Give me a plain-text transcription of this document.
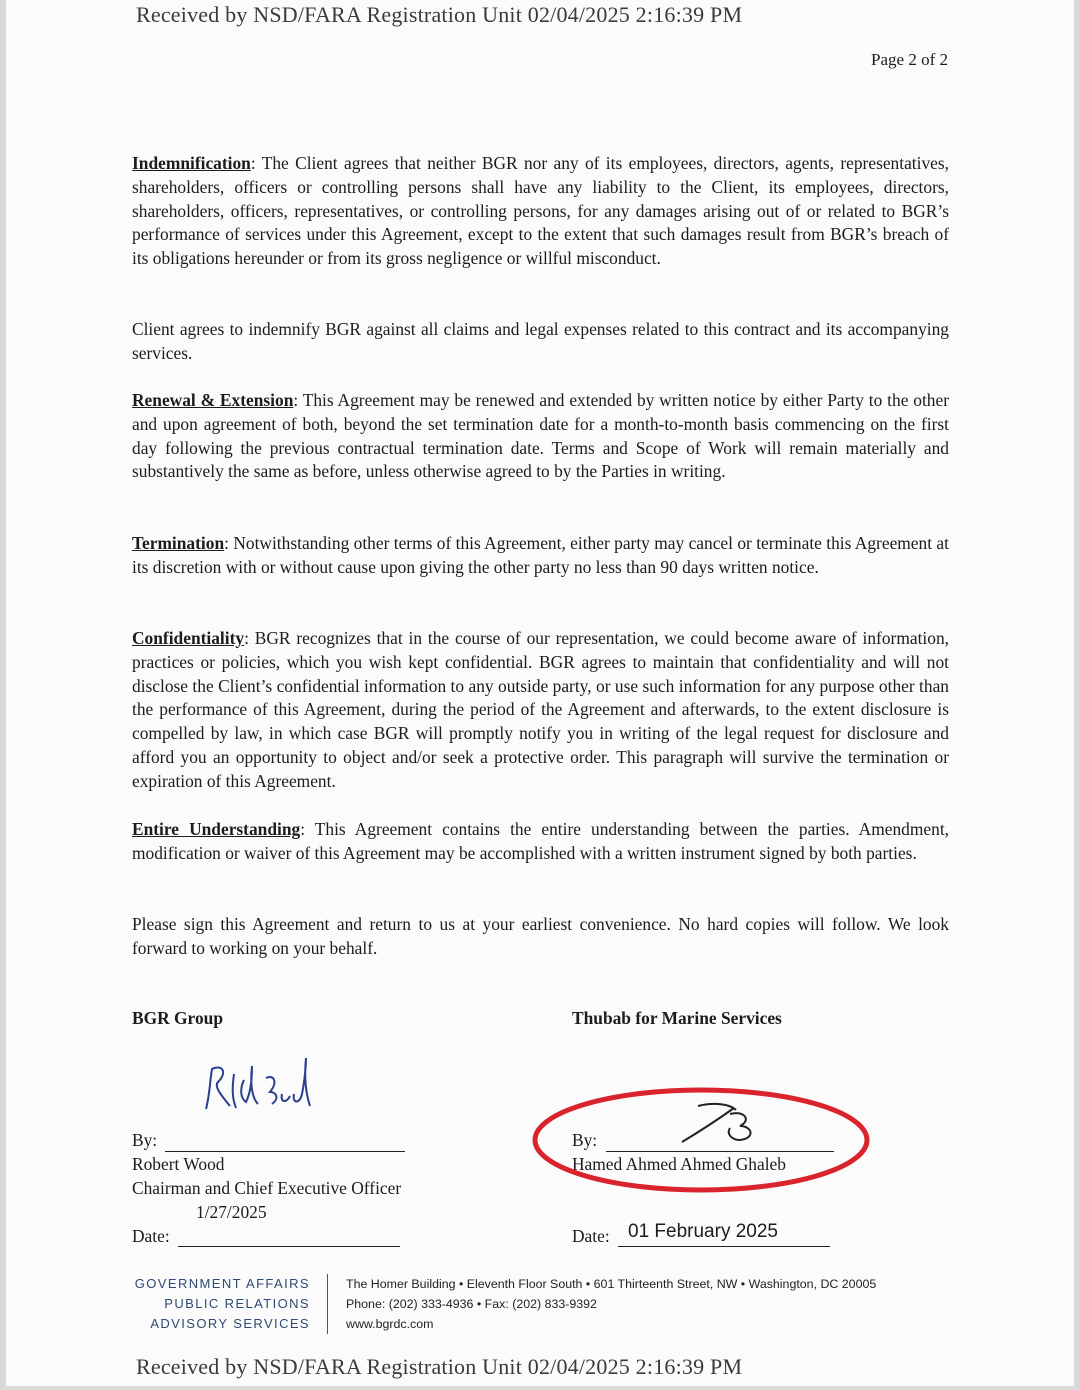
Received by NSD/FARA Registration Unit 02/04/2025 2:16:39 PM
Page 2 of 2
Indemnification: The Client agrees that neither BGR nor any of its employees, directors, agents, representatives, shareholders, officers or controlling persons shall have any liability to the Client, its employees, directors, shareholders, officers, representatives, or controlling persons, for any damages arising out of or related to BGR’s performance of services under this Agreement, except to the extent that such damages result from BGR’s breach of its obligations hereunder or from its gross negligence or willful misconduct.
Client agrees to indemnify BGR against all claims and legal expenses related to this contract and its accompanying services.
Renewal & Extension: This Agreement may be renewed and extended by written notice by either Party to the other and upon agreement of both, beyond the set termination date for a month-to-month basis commencing on the first day following the previous contractual termination date. Terms and Scope of Work will remain materially and substantively the same as before, unless otherwise agreed to by the Parties in writing.
Termination: Notwithstanding other terms of this Agreement, either party may cancel or terminate this Agreement at its discretion with or without cause upon giving the other party no less than 90 days written notice.
Confidentiality: BGR recognizes that in the course of our representation, we could become aware of information, practices or policies, which you wish kept confidential. BGR agrees to maintain that confidentiality and will not disclose the Client’s confidential information to any outside party, or use such information for any purpose other than the performance of this Agreement, during the period of the Agreement and afterwards, to the extent disclosure is compelled by law, in which case BGR will promptly notify you in writing of the legal request for disclosure and afford you an opportunity to object and/or seek a protective order. This paragraph will survive the termination or expiration of this Agreement.
Entire Understanding: This Agreement contains the entire understanding between the parties. Amendment, modification or waiver of this Agreement may be accomplished with a written instrument signed by both parties.
Please sign this Agreement and return to us at your earliest convenience. No hard copies will follow. We look forward to working on your behalf.
BGR Group
By:
Robert Wood
Chairman and Chief Executive Officer
1/27/2025
Date:
Thubab for Marine Services
By:
Hamed Ahmed Ahmed Ghaleb
Date: 01 February 2025
GOVERNMENT AFFAIRS
PUBLIC RELATIONS
ADVISORY SERVICES
The Homer Building • Eleventh Floor South • 601 Thirteenth Street, NW • Washington, DC 20005
Phone: (202) 333-4936 • Fax: (202) 833-9392
www.bgrdc.com
Received by NSD/FARA Registration Unit 02/04/2025 2:16:39 PM
